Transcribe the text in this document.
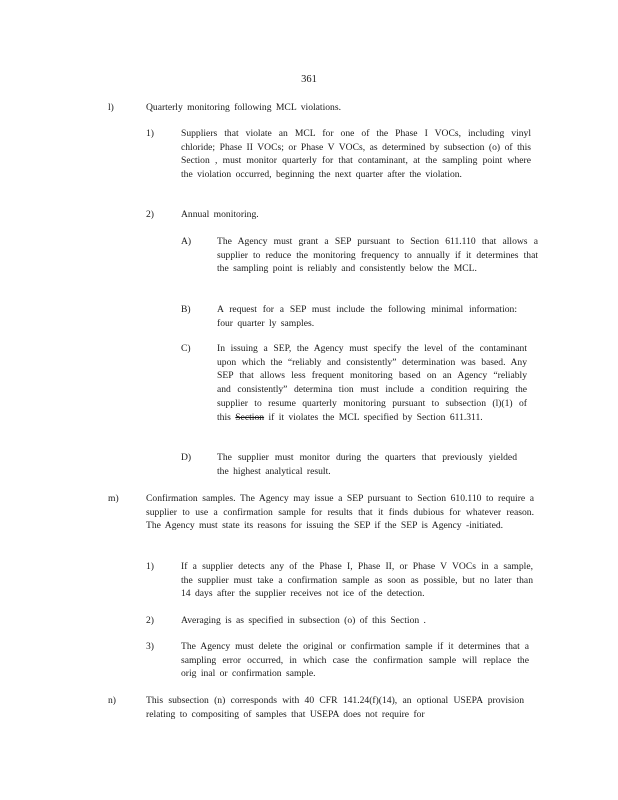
361
l)	Quarterly monitoring following MCL violations.
1)	Suppliers that violate an MCL for one of the Phase I VOCs, including vinyl chloride; Phase II VOCs; or Phase V VOCs, as determined by subsection (o) of this Section , must monitor quarterly for that contaminant, at the sampling point where the violation occurred, beginning the next quarter after the violation.
2)	Annual monitoring.
A)	The Agency must grant a SEP pursuant to Section 611.110 that allows a supplier to reduce the monitoring frequency to annually if it determines that the sampling point is reliably and consistently below the MCL.
B)	A request for a SEP must include the following minimal information: four quarter ly samples.
C)	In issuing a SEP, the Agency must specify the level of the contaminant upon which the “reliably and consistently” determination was based. Any SEP that allows less frequent monitoring based on an Agency “reliably and consistently” determina tion must include a condition requiring the supplier to resume quarterly monitoring pursuant to subsection (l)(1) of this Section if it violates the MCL specified by Section 611.311.
D)	The supplier must monitor during the quarters that previously yielded the highest analytical result.
m)	Confirmation samples. The Agency may issue a SEP pursuant to Section 610.110 to require a supplier to use a confirmation sample for results that it finds dubious for whatever reason. The Agency must state its reasons for issuing the SEP if the SEP is Agency -initiated.
1)	If a supplier detects any of the Phase I, Phase II, or Phase V VOCs in a sample, the supplier must take a confirmation sample as soon as possible, but no later than 14 days after the supplier receives not ice of the detection.
2)	Averaging is as specified in subsection (o) of this Section .
3)	The Agency must delete the original or confirmation sample if it determines that a sampling error occurred, in which case the confirmation sample will replace the orig inal or confirmation sample.
n)	This subsection (n) corresponds with 40 CFR 141.24(f)(14), an optional USEPA provision relating to compositing of samples that USEPA does not require for
